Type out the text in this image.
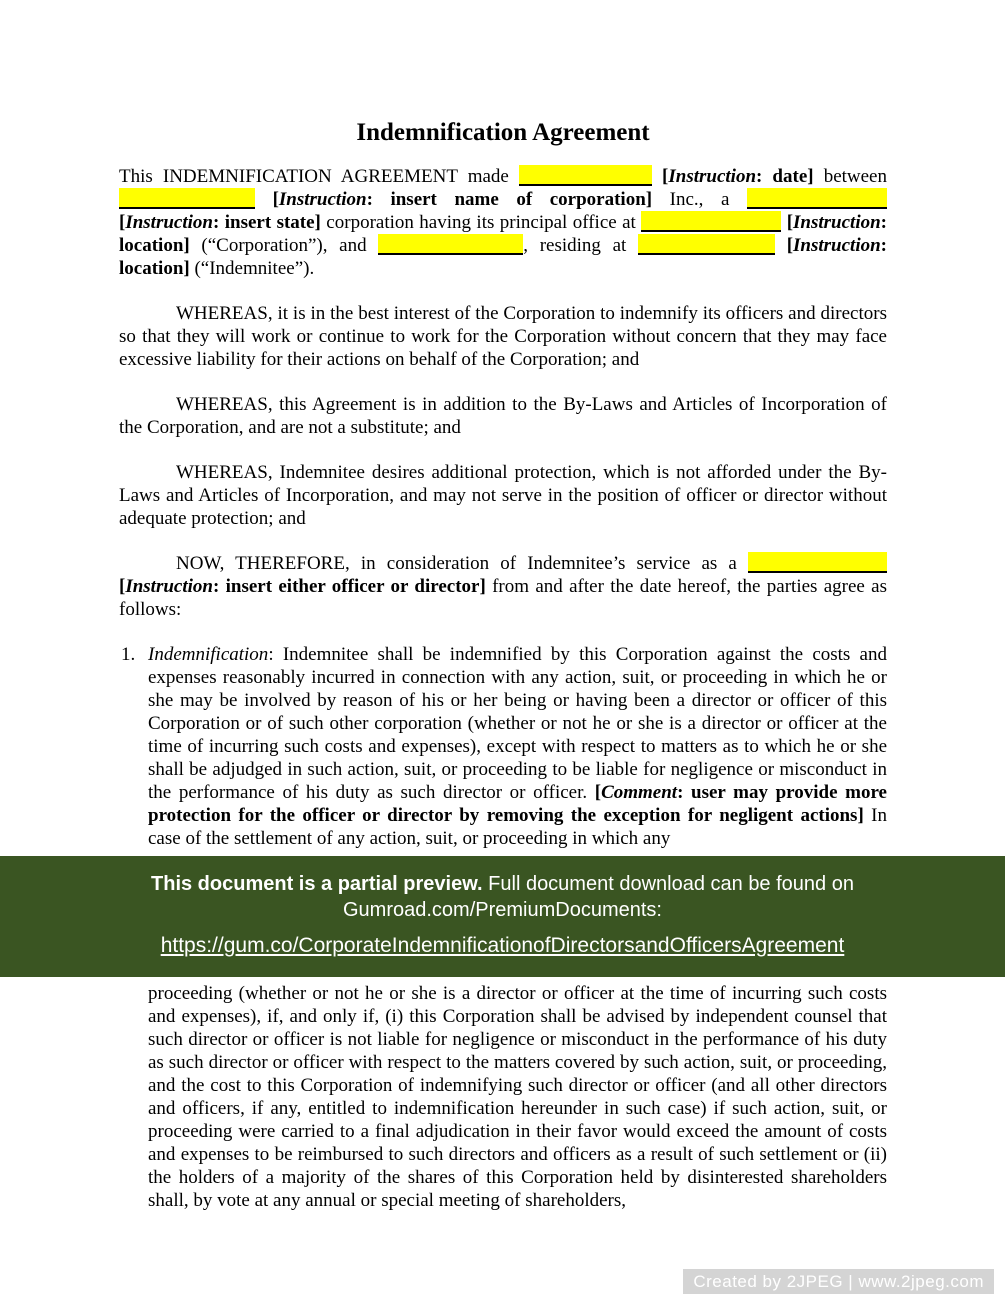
Indemnification Agreement
This INDEMNIFICATION AGREEMENT made	[Instruction: date] between  [Instruction: insert name of corporation] Inc., a  [Instruction: insert state] corporation having its principal office at	[Instruction: location] (“Corporation”), and	, residing at	[Instruction: location] (“Indemnitee”).
WHEREAS, it is in the best interest of the Corporation to indemnify its officers and directors so that they will work or continue to work for the Corporation without concern that they may face excessive liability for their actions on behalf of the Corporation; and
WHEREAS, this Agreement is in addition to the By-Laws and Articles of Incorporation of the Corporation, and are not a substitute; and
WHEREAS, Indemnitee desires additional protection, which is not afforded under the By-Laws and Articles of Incorporation, and may not serve in the position of officer or director without adequate protection; and
NOW, THEREFORE, in consideration of Indemnitee’s service as a  [Instruction: insert either officer or director] from and after the date hereof, the parties agree as follows:
1. Indemnification: Indemnitee shall be indemnified by this Corporation against the costs and expenses reasonably incurred in connection with any action, suit, or proceeding in which he or she may be involved by reason of his or her being or having been a director or officer of this Corporation or of such other corporation (whether or not he or she is a director or officer at the time of incurring such costs and expenses), except with respect to matters as to which he or she shall be adjudged in such action, suit, or proceeding to be liable for negligence or misconduct in the performance of his duty as such director or officer. [Comment: user may provide more protection for the officer or director by removing the exception for negligent actions] In case of the settlement of any action, suit, or proceeding in which any

This document is a partial preview. Full document download can be found on Gumroad.com/PremiumDocuments:

https://gum.co/CorporateIndemnificationofDirectorsandOfficersAgreement
proceeding (whether or not he or she is a director or officer at the time of incurring such costs and expenses), if, and only if, (i) this Corporation shall be advised by independent counsel that such director or officer is not liable for negligence or misconduct in the performance of his duty as such director or officer with respect to the matters covered by such action, suit, or proceeding, and the cost to this Corporation of indemnifying such director or officer (and all other directors and officers, if any, entitled to indemnification hereunder in such case) if such action, suit, or proceeding were carried to a final adjudication in their favor would exceed the amount of costs and expenses to be reimbursed to such directors and officers as a result of such settlement or (ii) the holders of a majority of the shares of this Corporation held by disinterested shareholders shall, by vote at any annual or special meeting of shareholders,
Created by 2JPEG | www.2jpeg.com
